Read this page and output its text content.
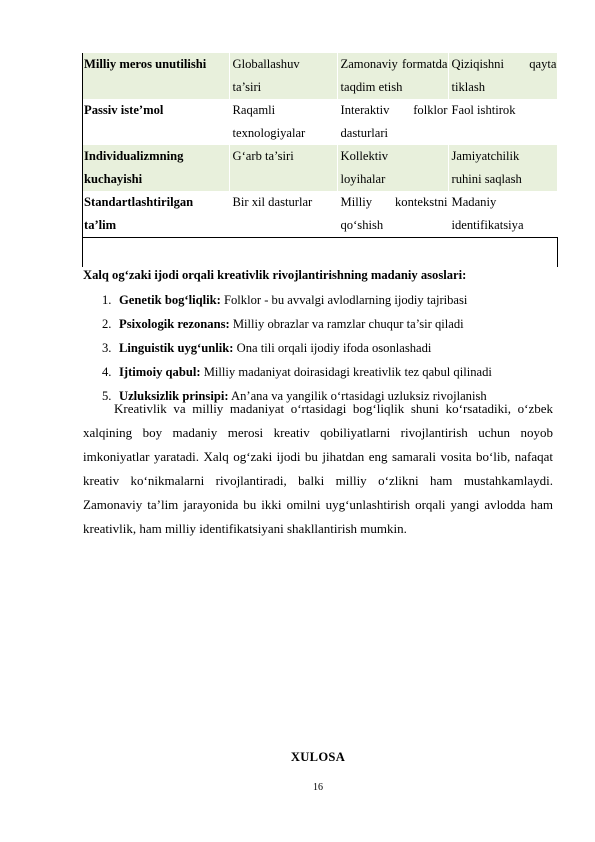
Milliy meros unutilishi	Globallashuv ta’siri	Zamonaviy formatda taqdim etish	Qiziqishni qayta tiklash

Passiv iste’mol	Raqamli texnologiyalar	Interaktiv folklor dasturlari	Faol ishtirok

Individualizmning kuchayishi	G‘arb ta’siri	Kollektiv loyihalar	Jamiyatchilik ruhini saqlash

Standartlashtirilgan ta’lim	Bir xil dasturlar	Milliy kontekstni qo‘shish	Madaniy identifikatsiya
Xalq og‘zaki ijodi orqali kreativlik rivojlantirishning madaniy asoslari:
1. Genetik bog‘liqlik: Folklor - bu avvalgi avlodlarning ijodiy tajribasi
2. Psixologik rezonans: Milliy obrazlar va ramzlar chuqur ta’sir qiladi
3. Linguistik uyg‘unlik: Ona tili orqali ijodiy ifoda osonlashadi
4. Ijtimoiy qabul: Milliy madaniyat doirasidagi kreativlik tez qabul qilinadi
5. Uzluksizlik prinsipi: An’ana va yangilik o‘rtasidagi uzluksiz rivojlanish

Kreativlik va milliy madaniyat o‘rtasidagi bog‘liqlik shuni ko‘rsatadiki, o‘zbek xalqining boy madaniy merosi kreativ qobiliyatlarni rivojlantirish uchun noyob imkoniyatlar yaratadi. Xalq og‘zaki ijodi bu jihatdan eng samarali vosita bo‘lib, nafaqat kreativ ko‘nikmalarni rivojlantiradi, balki milliy o‘zlikni ham mustahkamlaydi. Zamonaviy ta’lim jarayonida bu ikki omilni uyg‘unlashtirish orqali yangi avlodda ham kreativlik, ham milliy identifikatsiyani shakllantirish mumkin.

XULOSA
16
